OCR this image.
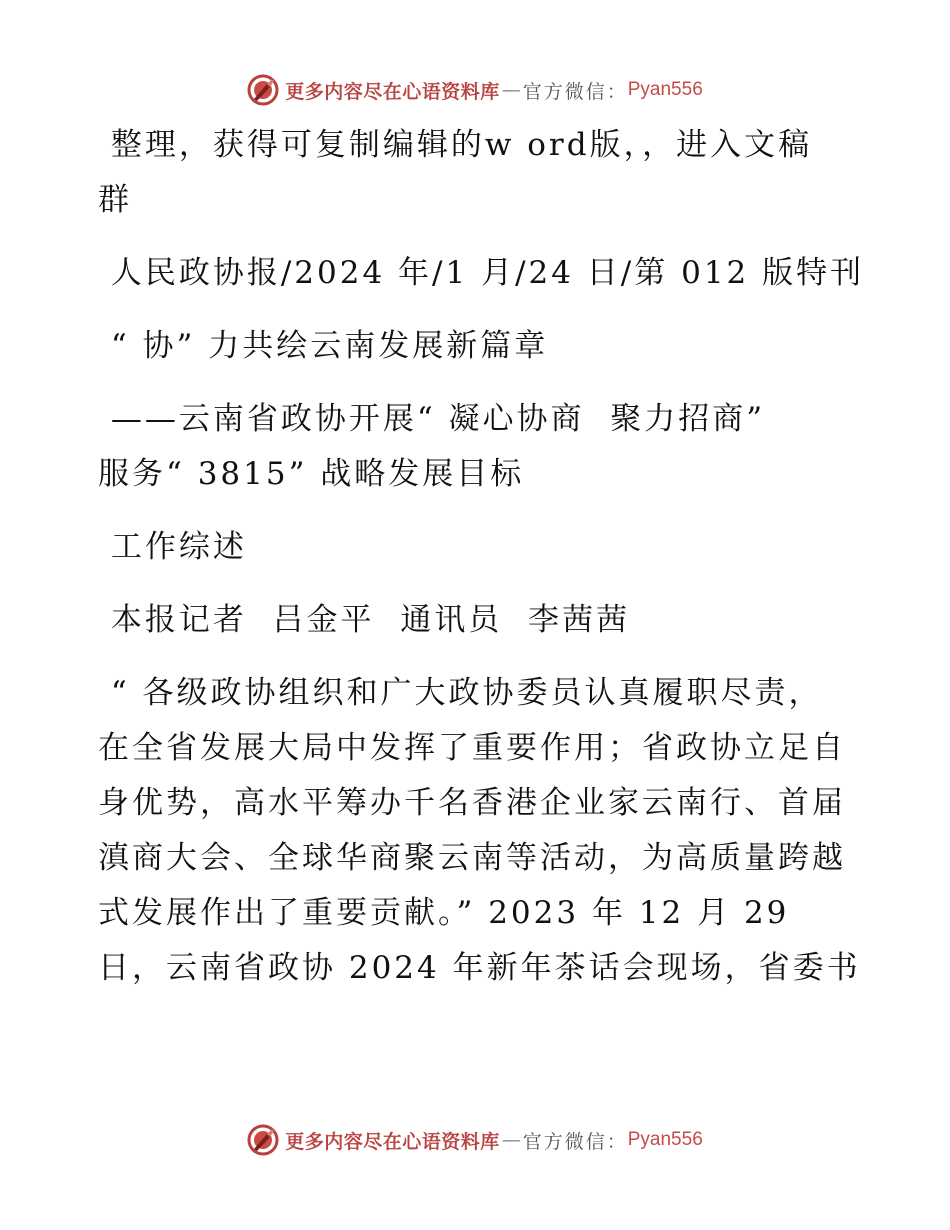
更多内容尽在心语资料库 — 官方微信： Pyan556
整理，获得可复制编辑的w ord版，，进入文稿
群
人民政协报/2024 年/1 月/24 日/第 012 版特刊
“ 协” 力共绘云南发展新篇章
——云南省政协开展“ 凝心协商  聚力招商”
服务“ 3815” 战略发展目标
工作综述
本报记者  吕金平  通讯员  李茜茜
“ 各级政协组织和广大政协委员认真履职尽责，
在全省发展大局中发挥了重要作用；省政协立足自
身优势，高水平筹办千名香港企业家云南行、首届
滇商大会、全球华商聚云南等活动，为高质量跨越
式发展作出了重要贡献。” 2023 年 12 月 29
日，云南省政协 2024 年新年茶话会现场，省委书
更多内容尽在心语资料库 — 官方微信： Pyan556
